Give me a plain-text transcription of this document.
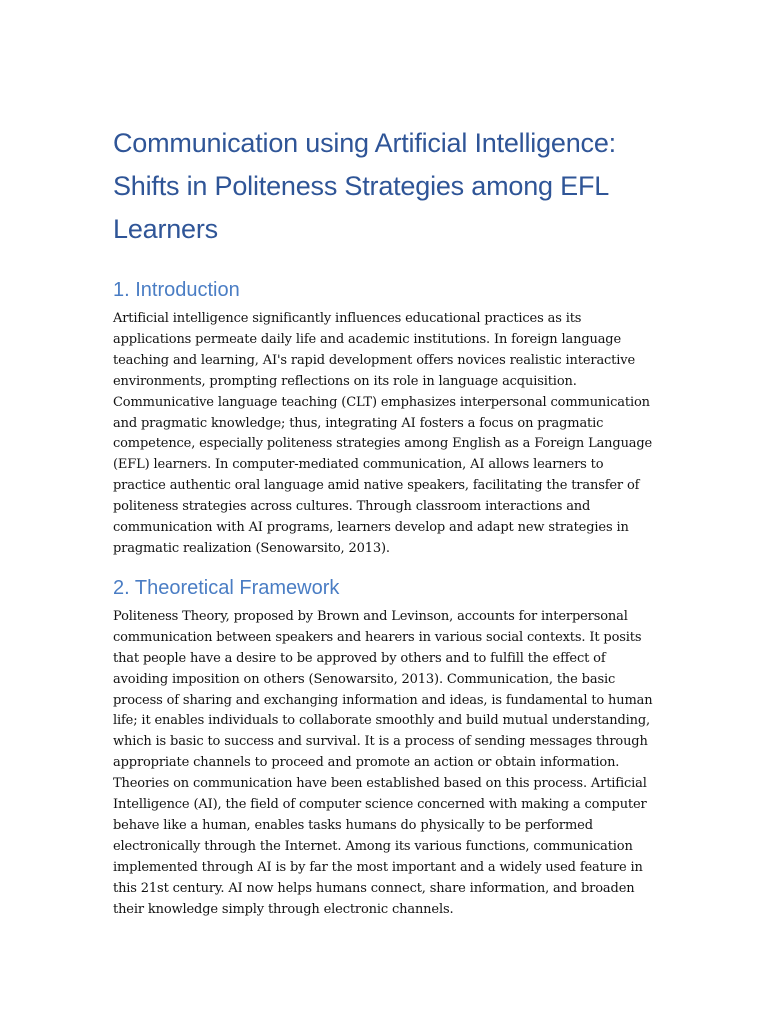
Communication using Artificial Intelligence: Shifts in Politeness Strategies among EFL Learners
1. Introduction

Artificial intelligence significantly influences educational practices as its applications permeate daily life and academic institutions. In foreign language teaching and learning, AI's rapid development offers novices realistic interactive environments, prompting reflections on its role in language acquisition. Communicative language teaching (CLT) emphasizes interpersonal communication and pragmatic knowledge; thus, integrating AI fosters a focus on pragmatic competence, especially politeness strategies among English as a Foreign Language (EFL) learners. In computer-mediated communication, AI allows learners to practice authentic oral language amid native speakers, facilitating the transfer of politeness strategies across cultures. Through classroom interactions and communication with AI programs, learners develop and adapt new strategies in pragmatic realization (Senowarsito, 2013).

2. Theoretical Framework

Politeness Theory, proposed by Brown and Levinson, accounts for interpersonal communication between speakers and hearers in various social contexts. It posits that people have a desire to be approved by others and to fulfill the effect of avoiding imposition on others (Senowarsito, 2013). Communication, the basic process of sharing and exchanging information and ideas, is fundamental to human life; it enables individuals to collaborate smoothly and build mutual understanding, which is basic to success and survival. It is a process of sending messages through appropriate channels to proceed and promote an action or obtain information. Theories on communication have been established based on this process. Artificial Intelligence (AI), the field of computer science concerned with making a computer behave like a human, enables tasks humans do physically to be performed electronically through the Internet. Among its various functions, communication implemented through AI is by far the most important and a widely used feature in this 21st century. AI now helps humans connect, share information, and broaden their knowledge simply through electronic channels.
